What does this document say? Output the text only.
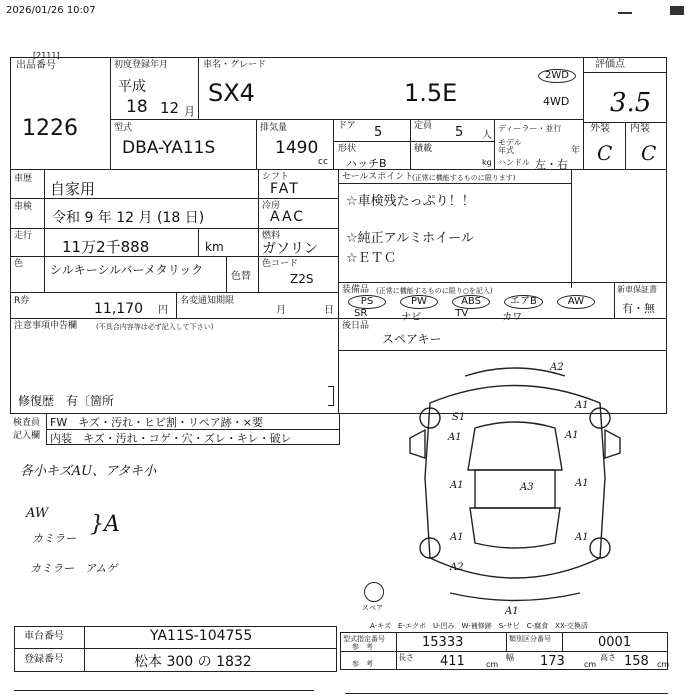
2026/01/26 10:07
[2111]
出品番号
1226
初度登録年月
平成
18 12 月
車名・グレード
SX4	1.5E
2WD
4WD
評価点
3.5
外装 内装
C C
型式
DBA-YA11S
排気量
1490
cc
ドア 5	定員 5 人
ディーラー・並行
モデル
年式	年
形状
ハッチB
積載
kg ハンドル 左・右
車歴
自家用
車検
令和 9 年 12 月 (18 日)
走行
11万2千888	km
色 シルキーシルバーメタリック	色替
シフト
FAT
冷房
AAC
燃料
ガソリン
色コード
Z2S
R券	11,170 円
名変通知期限
月	日
注意事項申告欄	(不具合内容等は必ず記入して下さい)
修復歴　有〔箇所
セールスポイント
(正常に機能するものに限ります)
☆車検残たっぷり！！
☆純正アルミホイール
☆ＥＴＣ
装備品 (正常に機能するものに限り○を記入)
PS	PW	ABS	エアB	AW
SR	ナビ	TV	カワ
新車保証書
有・無
後日品
スペアキー
検査員
記入欄
FW　キズ・汚れ・ヒビ割・リペア跡・×要
内装　キズ・汚れ・コゲ・穴・ズレ・キレ・破レ
各小キズAU、アタキ小
AW
カミラー
}A
カミラー　アムゲ
A2
A1
A1
S1
A1
A1	A1
A3
A1	A1
A2
A1
スペア
A-キズ　E-エクボ　U-凹み　W-補修跡　S-サビ　C-腐食　XX-交換済
車台番号	YA11S-104755
登録番号	松本 300 の 1832
型式指定番号
参　考	15333	類別区分番号	0001
参　考
長さ 411	cm
幅 173 cm
高さ 158 cm
